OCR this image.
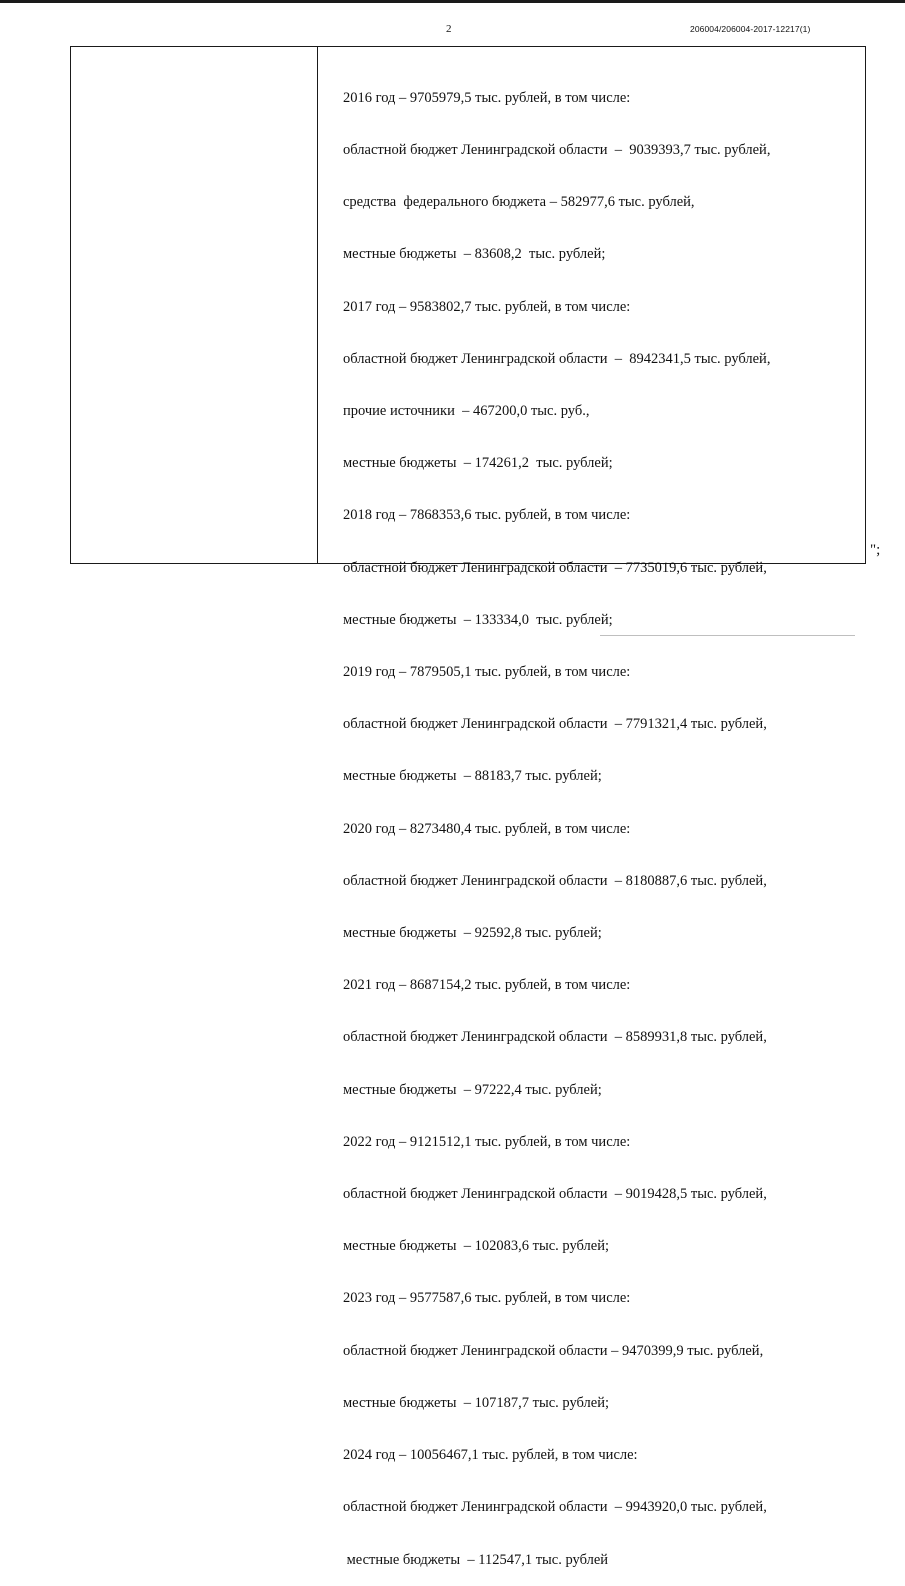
2	206004/206004-2017-12217(1)

2016 год – 9705979,5 тыс. рублей, в том числе:

областной бюджет Ленинградской области  –  9039393,7 тыс. рублей,

средства  федерального бюджета – 582977,6 тыс. рублей,

местные бюджеты  – 83608,2  тыс. рублей;

2017 год – 9583802,7 тыс. рублей, в том числе:

областной бюджет Ленинградской области  –  8942341,5 тыс. рублей,

прочие источники  – 467200,0 тыс. руб.,

местные бюджеты  – 174261,2  тыс. рублей;

2018 год – 7868353,6 тыс. рублей, в том числе:

областной бюджет Ленинградской области  – 7735019,6 тыс. рублей,

местные бюджеты  – 133334,0  тыс. рублей;

2019 год – 7879505,1 тыс. рублей, в том числе:

областной бюджет Ленинградской области  – 7791321,4 тыс. рублей,

местные бюджеты  – 88183,7 тыс. рублей;

2020 год – 8273480,4 тыс. рублей, в том числе:

областной бюджет Ленинградской области  – 8180887,6 тыс. рублей,

местные бюджеты  – 92592,8 тыс. рублей;

2021 год – 8687154,2 тыс. рублей, в том числе:

областной бюджет Ленинградской области  – 8589931,8 тыс. рублей,

местные бюджеты  – 97222,4 тыс. рублей;

2022 год – 9121512,1 тыс. рублей, в том числе:

областной бюджет Ленинградской области  – 9019428,5 тыс. рублей,

местные бюджеты  – 102083,6 тыс. рублей;

2023 год – 9577587,6 тыс. рублей, в том числе:

областной бюджет Ленинградской области – 9470399,9 тыс. рублей,

местные бюджеты  – 107187,7 тыс. рублей;

2024 год – 10056467,1 тыс. рублей, в том числе:

областной бюджет Ленинградской области  – 9943920,0 тыс. рублей,

местные бюджеты  – 112547,1 тыс. рублей

";
